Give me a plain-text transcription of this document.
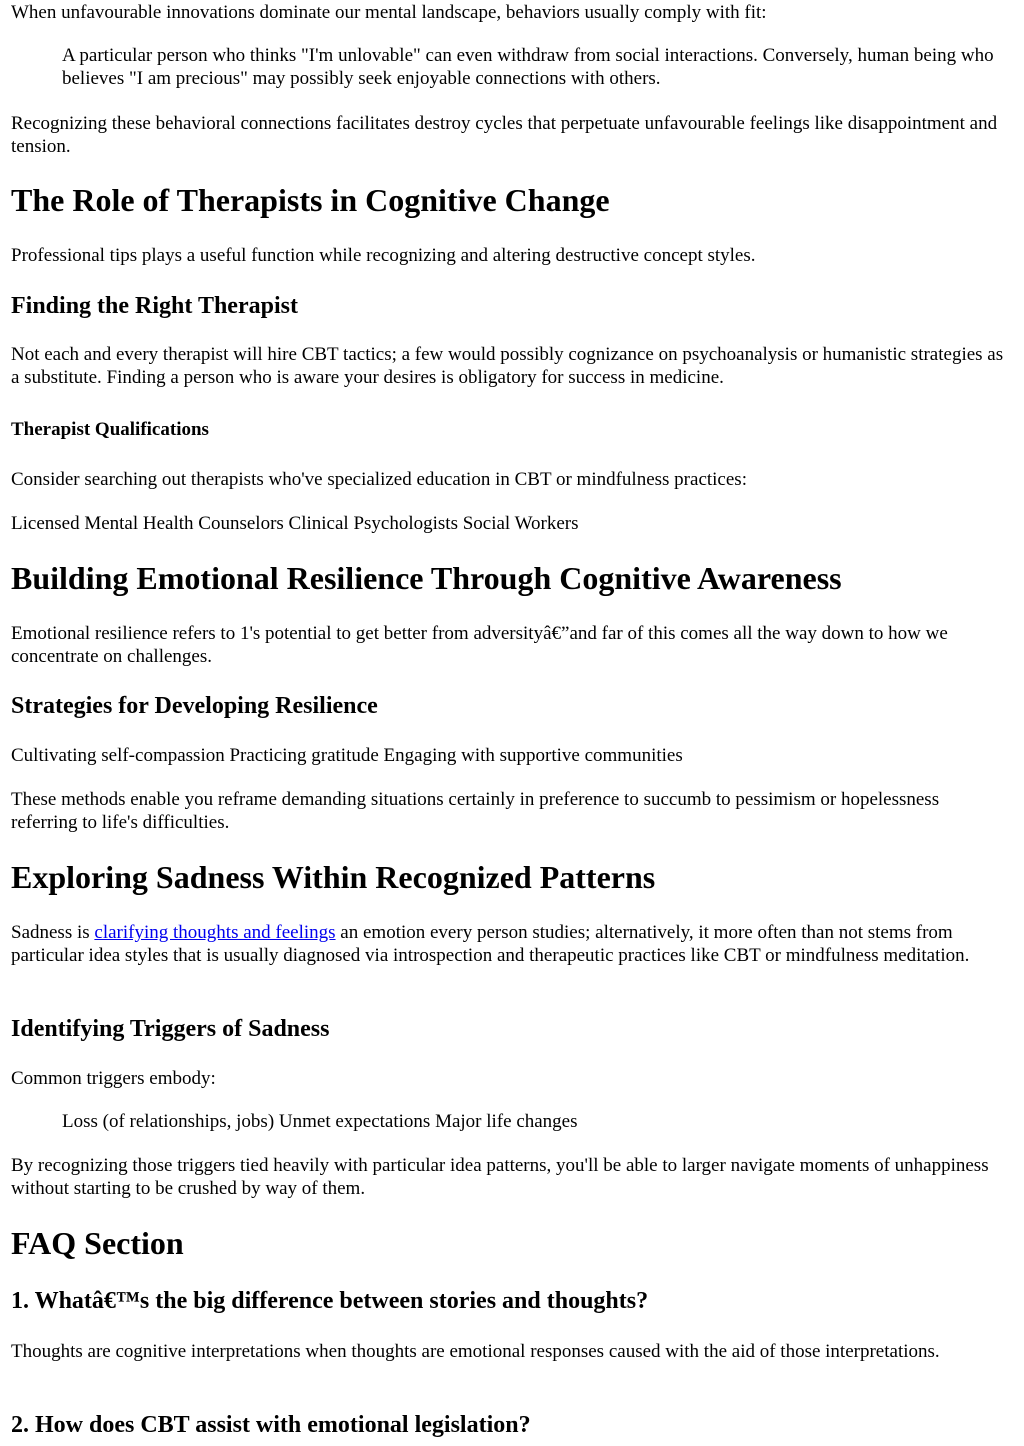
When unfavourable innovations dominate our mental landscape, behaviors usually comply with fit:

A particular person who thinks "I'm unlovable" can even withdraw from social interactions. Conversely, human being who believes "I am precious" may possibly seek enjoyable connections with others.

Recognizing these behavioral connections facilitates destroy cycles that perpetuate unfavourable feelings like disappointment and tension.

The Role of Therapists in Cognitive Change

Professional tips plays a useful function while recognizing and altering destructive concept styles.

Finding the Right Therapist

Not each and every therapist will hire CBT tactics; a few would possibly cognizance on psychoanalysis or humanistic strategies as a substitute. Finding a person who is aware your desires is obligatory for success in medicine.

Therapist Qualifications

Consider searching out therapists who've specialized education in CBT or mindfulness practices:

Licensed Mental Health Counselors Clinical Psychologists Social Workers

Building Emotional Resilience Through Cognitive Awareness

Emotional resilience refers to 1's potential to get better from adversityâ€”and far of this comes all the way down to how we concentrate on challenges.

Strategies for Developing Resilience

Cultivating self-compassion Practicing gratitude Engaging with supportive communities

These methods enable you reframe demanding situations certainly in preference to succumb to pessimism or hopelessness referring to life's difficulties.

Exploring Sadness Within Recognized Patterns

Sadness is clarifying thoughts and feelings an emotion every person studies; alternatively, it more often than not stems from particular idea styles that is usually diagnosed via introspection and therapeutic practices like CBT or mindfulness meditation.

Identifying Triggers of Sadness

Common triggers embody:

Loss (of relationships, jobs) Unmet expectations Major life changes

By recognizing those triggers tied heavily with particular idea patterns, you'll be able to larger navigate moments of unhappiness without starting to be crushed by way of them.

FAQ Section
1. Whatâ€™s the big difference between stories and thoughts?

Thoughts are cognitive interpretations when thoughts are emotional responses caused with the aid of those interpretations.

2. How does CBT assist with emotional legislation?
